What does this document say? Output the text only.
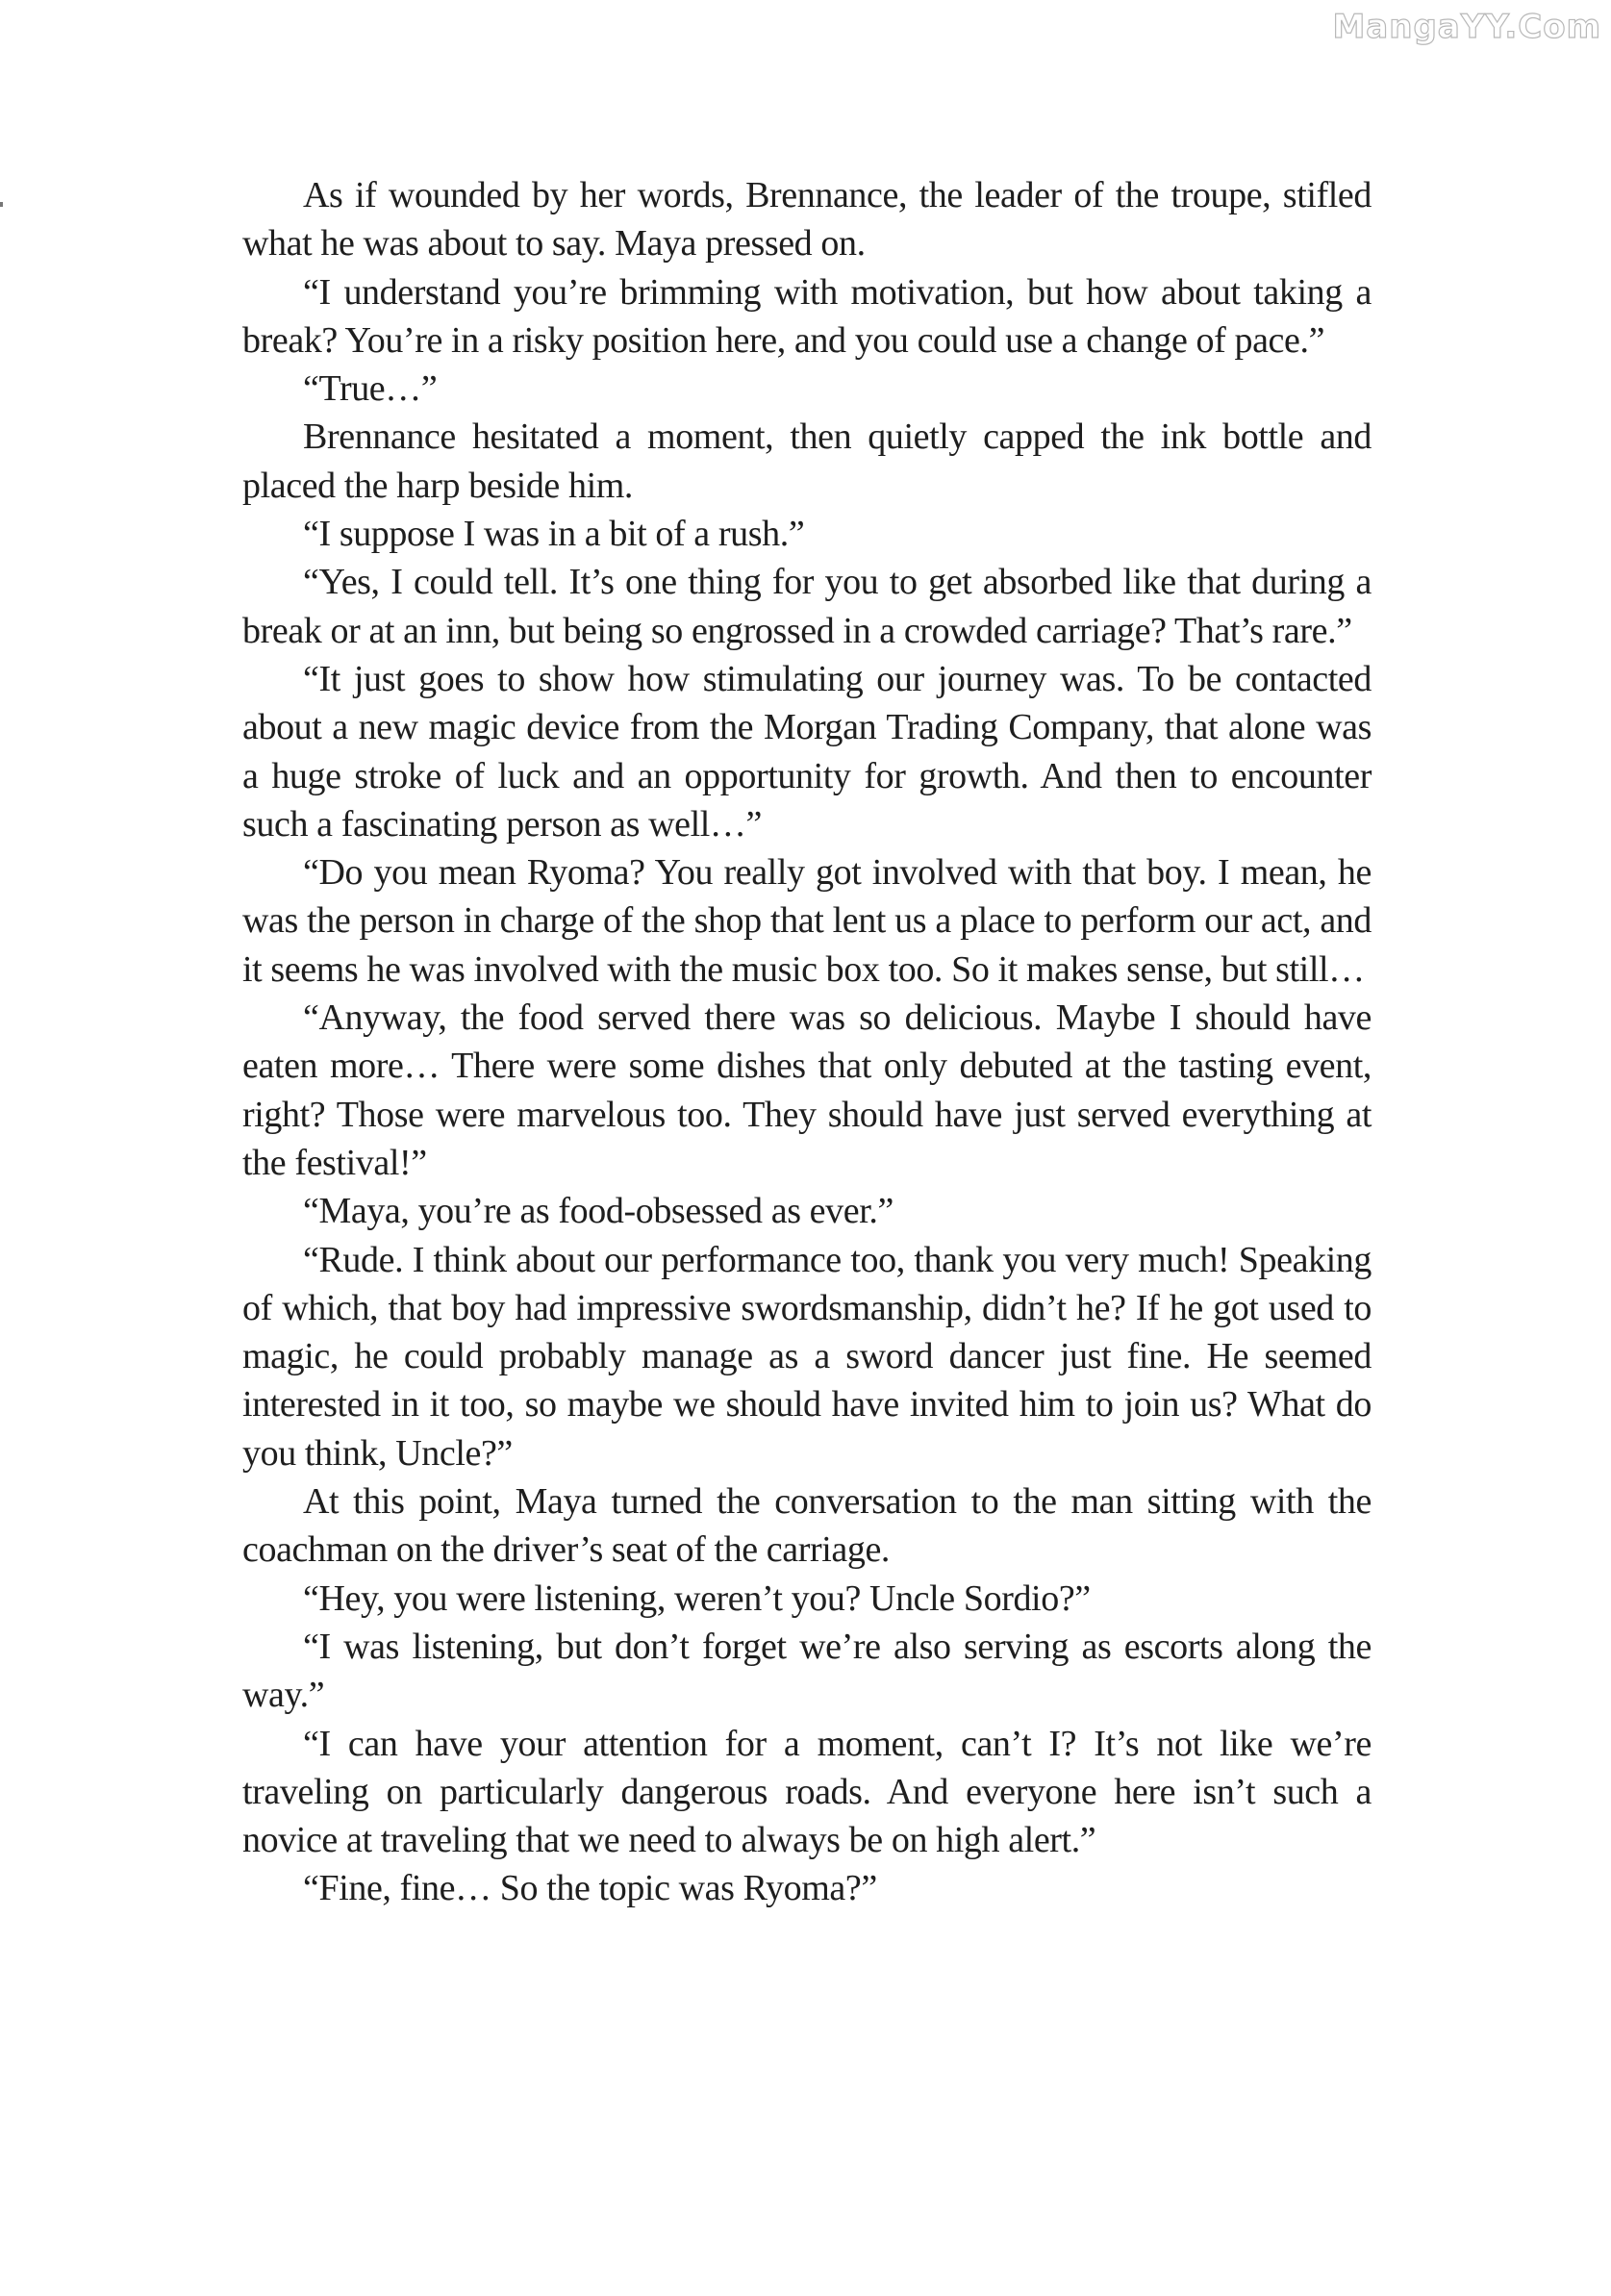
MangaYY.Com

As if wounded by her words, Brennance, the leader of the troupe, stifled what he was about to say. Maya pressed on.

“I understand you’re brimming with motivation, but how about taking a break? You’re in a risky position here, and you could use a change of pace.”

“True…”

Brennance hesitated a moment, then quietly capped the ink bottle and placed the harp beside him.

“I suppose I was in a bit of a rush.”

“Yes, I could tell. It’s one thing for you to get absorbed like that during a break or at an inn, but being so engrossed in a crowded carriage? That’s rare.”

“It just goes to show how stimulating our journey was. To be contacted about a new magic device from the Morgan Trading Company, that alone was a huge stroke of luck and an opportunity for growth. And then to encounter such a fascinating person as well…”

“Do you mean Ryoma? You really got involved with that boy. I mean, he was the person in charge of the shop that lent us a place to perform our act, and it seems he was involved with the music box too. So it makes sense, but still…

“Anyway, the food served there was so delicious. Maybe I should have eaten more… There were some dishes that only debuted at the tasting event, right? Those were marvelous too. They should have just served everything at the festival!”

“Maya, you’re as food-obsessed as ever.”

“Rude. I think about our performance too, thank you very much! Speaking of which, that boy had impressive swordsmanship, didn’t he? If he got used to magic, he could probably manage as a sword dancer just fine. He seemed interested in it too, so maybe we should have invited him to join us? What do you think, Uncle?”

At this point, Maya turned the conversation to the man sitting with the coachman on the driver’s seat of the carriage.

“Hey, you were listening, weren’t you? Uncle Sordio?”

“I was listening, but don’t forget we’re also serving as escorts along the way.”

“I can have your attention for a moment, can’t I? It’s not like we’re traveling on particularly dangerous roads. And everyone here isn’t such a novice at traveling that we need to always be on high alert.”

“Fine, fine… So the topic was Ryoma?”
